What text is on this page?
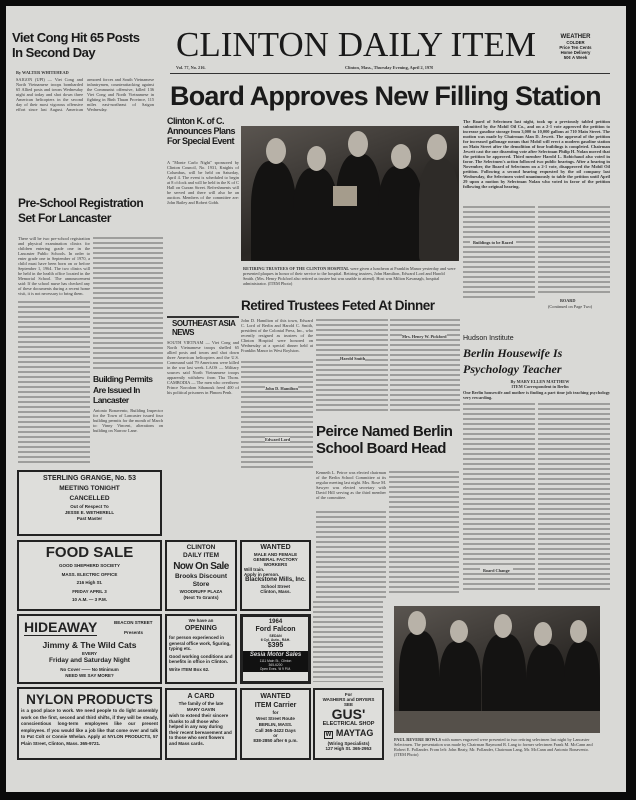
Viet Cong Hit 65 Posts In Second Day
By WALTER WHITEHEAD
SAIGON (UPI) — Viet Cong and North Vietnamese troops bombarded 65 Allied posts and towns Wednesday night and today and shot down three American helicopters in the second day of their most vigorous offensive effort since last August. American armored forces and South Vietnamese infantrymen, counterattacking against the Communist offensive, killed 136 Viet Cong and North Vietnamese in fighting in Binh Thuan Province, 115 miles east-northeast of Saigon Wednesday.
CLINTON DAILY ITEM
Vol. 77, No. 216.	Clinton, Mass., Thursday Evening, April 2, 1970
WEATHER
COLDER
Price Ten Cents
Home Delivery
50¢ A Week
Board Approves New Filling Station
Clinton K. of C. Announces Plans For Special Event
A "Monte Carlo Night" sponsored by Clinton Council, No. 1931, Knights of Columbus, will be held on Saturday, April 4. The event is scheduled to begin at 8 o'clock and will be held in the K of C Hall on Curran Street. Refreshments will be served and there will also be an auction. Members of the committee are: John Bailey and Robert Gobb.
RETIRING TRUSTEES OF THE CLINTON HOSPITAL were given a luncheon at Franklin Manor yesterday and were presented plaques in honor of their service to the hospital. Retiring trustees, John Hamilton, Edward Lord and Harold Smith. (Mrs. Henry Pickford also retired as trustee but was unable to attend). Host was Milton Kavanagh, hospital administrator. (ITEM Photo)
The Board of Selectmen last night, took up a previously tabled petition submitted by the Mobil Oil Co., and on a 2-1 vote approved the petition to increase gasoline storage from 3,000 to 10,000 gallons at 710 Main Street. The motion was made by Chairman Alan D. Jewett. The approval of the petition for increased gallonage means that Mobil will erect a modern gasoline station on Main Street after the demolition of four buildings is completed. Chairman Jewett cast the one dissenting vote after Selectman Philip H. Nolan moved that the petition be approved. Third member Harold L. Robichaud also voted in favor. The Selectmen's action followed two public hearings. After a hearing in November, the Board of Selectmen on a 2-1 vote, disapproved the Mobil Oil petition. Following a second hearing requested by the oil company last Wednesday, the Selectmen voted unanimously to table the petition until April 29 upon a motion by Selectman Nolan who voted in favor of the petition following the original hearing.
Buildings to be Razed
BOARD
(Continued on Page Two)
SOUTHEAST ASIA NEWS
SOUTH VIETNAM — Viet Cong and North Vietnamese troops shelled 65 allied posts and towns and shot down three American helicopters and the U.S. Command said 79 Americans were killed in the war last week. LAOS — Military sources said North Vietnamese troops apparently withdrew from Tha Thom. CAMBODIA — The men who overthrew Prince Norodom Sihanouk freed 400 of his political prisoners in Phnom Penh.
Retired Trustees Feted At Dinner
John D. Hamilton of this town, Edward C. Lord of Berlin and Harold C. Smith, president of the Colonial Press, Inc., who recently resigned as trustees of the Clinton Hospital were honored on Wednesday at a special dinner held at Franklin Manor in West Boylston.
John D. Hamilton
Edward Lord
Harold Smith
Mrs. Henry W. Pickford
Peirce Named Berlin School Board Head
Kenneth L. Peirce was elected chairman of the Berlin School Committee at its regular meeting last night. Mrs. Rose M. Sawyer was elected secretary with David Hill serving as the third member of the committee.
Hudson Institute
Berlin Housewife Is Psychology Teacher
By MARY ELLEN MATTHEW
ITEM Correspondent in Berlin
One Berlin housewife and mother is finding a part time job teaching psychology very rewarding.
Board Change
PAUL REVERE BOWLS with names engraved were presented to two retiring selectmen last night by Lancaster Selectmen. The presentation was made by Chairman Raymond R. Lang to former selectmen Frank M. McCann and Robert E. Pollander. From left: John Beaty, Mr. Pollander, Chairman Lang, Mr. McCann and Antonio Bonavento. (ITEM Photo)
Pre-School Registration Set For Lancaster
There will be two pre-school registration and physical examination clinics for children entering grade one in the Lancaster Public Schools. In order to enter grade one in September of 1970, a child must have been born on or before September 1, 1964. The two clinics will be held in the health office located in the Memorial School. The announcement said: If the school nurse has checked any of these documents during a recent home visit, it is not necessary to bring them.
Building Permits Are Issued In Lancaster
Antonio Bonavento, Building Inspector for the Town of Lancaster issued four building permits for the month of March to: Vinny Vincent, alterations on building on Narrow Lane.
STERLING GRANGE, No. 53
MEETING TONIGHT
CANCELLED
Out of Respect To
JESSE E. WETHERELL
Past Master
FOOD SALE
GOOD SHEPHERD SOCIETY
MASS. ELECTRIC OFFICE
216 High St.
FRIDAY APRIL 3
10 A.M. — 3 P.M.
CLINTON
DAILY ITEM
Now On Sale
Brooks Discount
Store
WOODRUFF PLAZA
(Next To Grants)
WANTED
MALE AND FEMALE
GENERAL FACTORY
WORKERS
Will train.
Apply in person.
Blackstone Mills, Inc.
School Street
Clinton, Mass.
HIDEAWAY	BEACON STREET
Presents
Jimmy & The Wild Cats
EVERY
Friday and Saturday Night
No Cover —— No Minimum
NEED WE SAY MORE?
We have an
OPENING
for person experienced in general office work, figuring, typing etc.
Good working conditions and benefits in office in Clinton.
Write ITEM Box 62.
1964
Ford Falcon
SEDAN
6 Cyl. Auto., R&H.
$395
Sesia Motor Sales
1111 Main St., Clinton
365-6200
Open Eves. 'til 9 P.M.
NYLON PRODUCTS
is a good place to work. We need people to do light assembly work on the first, second and third shifts, if they will be steady, conscientious long-term employees like our present employees. If you would like a job like that come over and talk to Pat Colt or Connie Whelan. Apply at NYLON PRODUCTS, 57 Plain Street, Clinton, Mass. 365-9721.
A CARD
The family of the late
MARY GAVIN
wish to extend their sincere thanks to all those who helped in any way during their recent bereavement and to those who sent flowers and Mass cards.
WANTED
ITEM Carrier
for
West Street Route
BERLIN, MASS.
Call 365-3422 Days
or
838-2850 after 6 p.m.
For
WASHERS and DRYERS
SEE
GUS'
ELECTRICAL SHOP
W MAYTAG
(Wiring Specialists)
127 High St. 365-2953
